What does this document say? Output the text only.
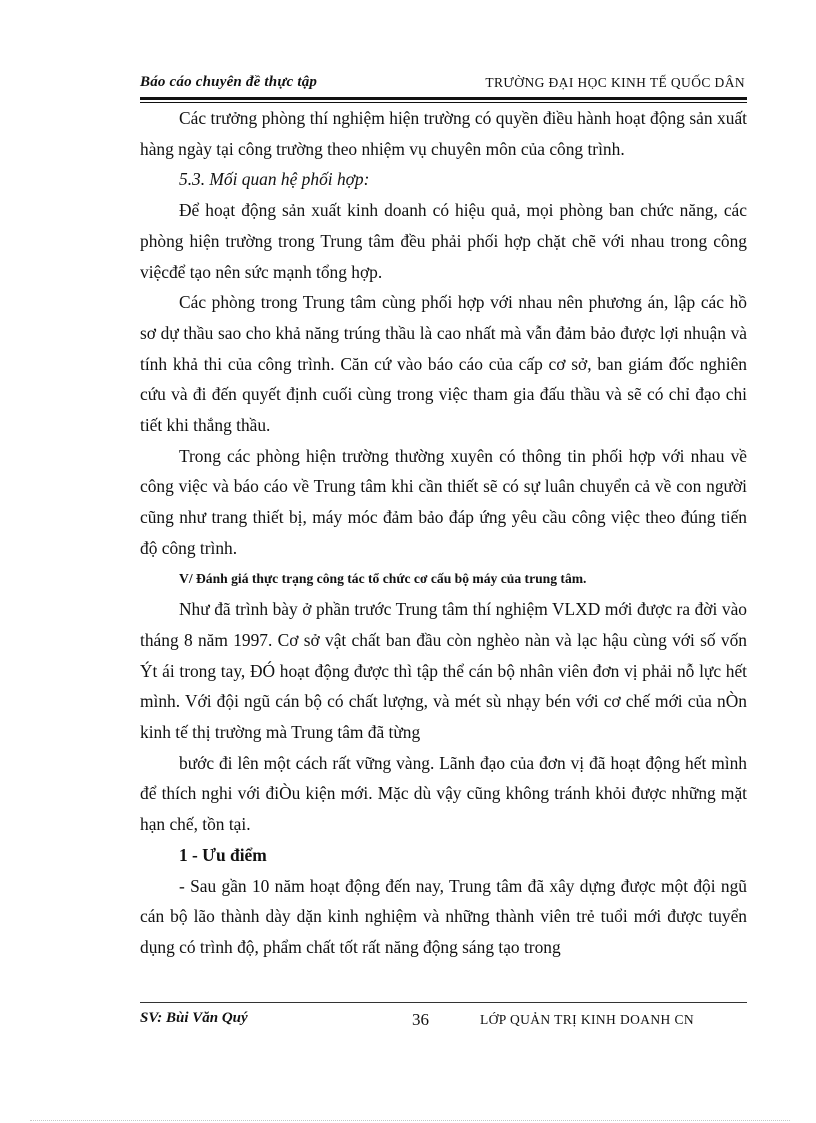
Báo cáo chuyên đề thực tập	TRƯỜNG ĐẠI HỌC KINH TẾ QUỐC DÂN

Các trưởng phòng thí nghiệm hiện trường có quyền điều hành hoạt động sản xuất hàng ngày tại công trường theo nhiệm vụ chuyên môn của công trình.

5.3. Mối quan hệ phối hợp:

Để hoạt động sản xuất kinh doanh có hiệu quả, mọi phòng ban chức năng, các phòng hiện trường trong Trung tâm đều phải phối hợp chặt chẽ với nhau trong công việcđể tạo nên sức mạnh tổng hợp.

Các phòng trong Trung tâm cùng phối hợp với nhau nên phương án, lập các hồ sơ dự thầu sao cho khả năng trúng thầu là cao nhất mà vẫn đảm bảo được lợi nhuận và tính khả thi của công trình. Căn cứ vào báo cáo của cấp cơ sở, ban giám đốc nghiên cứu và đi đến quyết định cuối cùng trong việc tham gia đấu thầu và sẽ có chỉ đạo chi tiết khi thắng thầu.

Trong các phòng hiện trường thường xuyên có thông tin phối hợp với nhau về công việc và báo cáo về Trung tâm khi cần thiết sẽ có sự luân chuyển cả về con người cũng như trang thiết bị, máy móc đảm bảo đáp ứng yêu cầu công việc theo đúng tiến độ công trình.

V/ Đánh giá thực trạng công tác tổ chức cơ cấu bộ máy của trung tâm.

Như đã trình bày ở phần trước Trung tâm thí nghiệm VLXD mới được ra đời vào tháng 8 năm 1997. Cơ sở vật chất ban đầu còn nghèo nàn và lạc hậu cùng với số vốn Ýt ái trong tay, ĐÓ hoạt động được thì tập thể cán bộ nhân viên đơn vị phải nỗ lực hết mình. Với đội ngũ cán bộ có chất lượng, và mét sù nhạy bén với cơ chế mới của nÒn kinh tế thị trường mà Trung tâm đã từng

bước đi lên một cách rất vững vàng. Lãnh đạo của đơn vị đã hoạt động hết mình để thích nghi với điÒu kiện mới. Mặc dù vậy cũng không tránh khỏi được những mặt hạn chế, tồn tại.

1 - Ưu điểm

- Sau gần 10 năm hoạt động đến nay, Trung tâm đã xây dựng được một đội ngũ cán bộ lão thành dày dặn kinh nghiệm và những thành viên trẻ tuổi mới được tuyển dụng có trình độ, phẩm chất tốt rất năng động sáng tạo trong

SV: Bùi Văn Quý	36	LỚP QUẢN TRỊ KINH DOANH CN
